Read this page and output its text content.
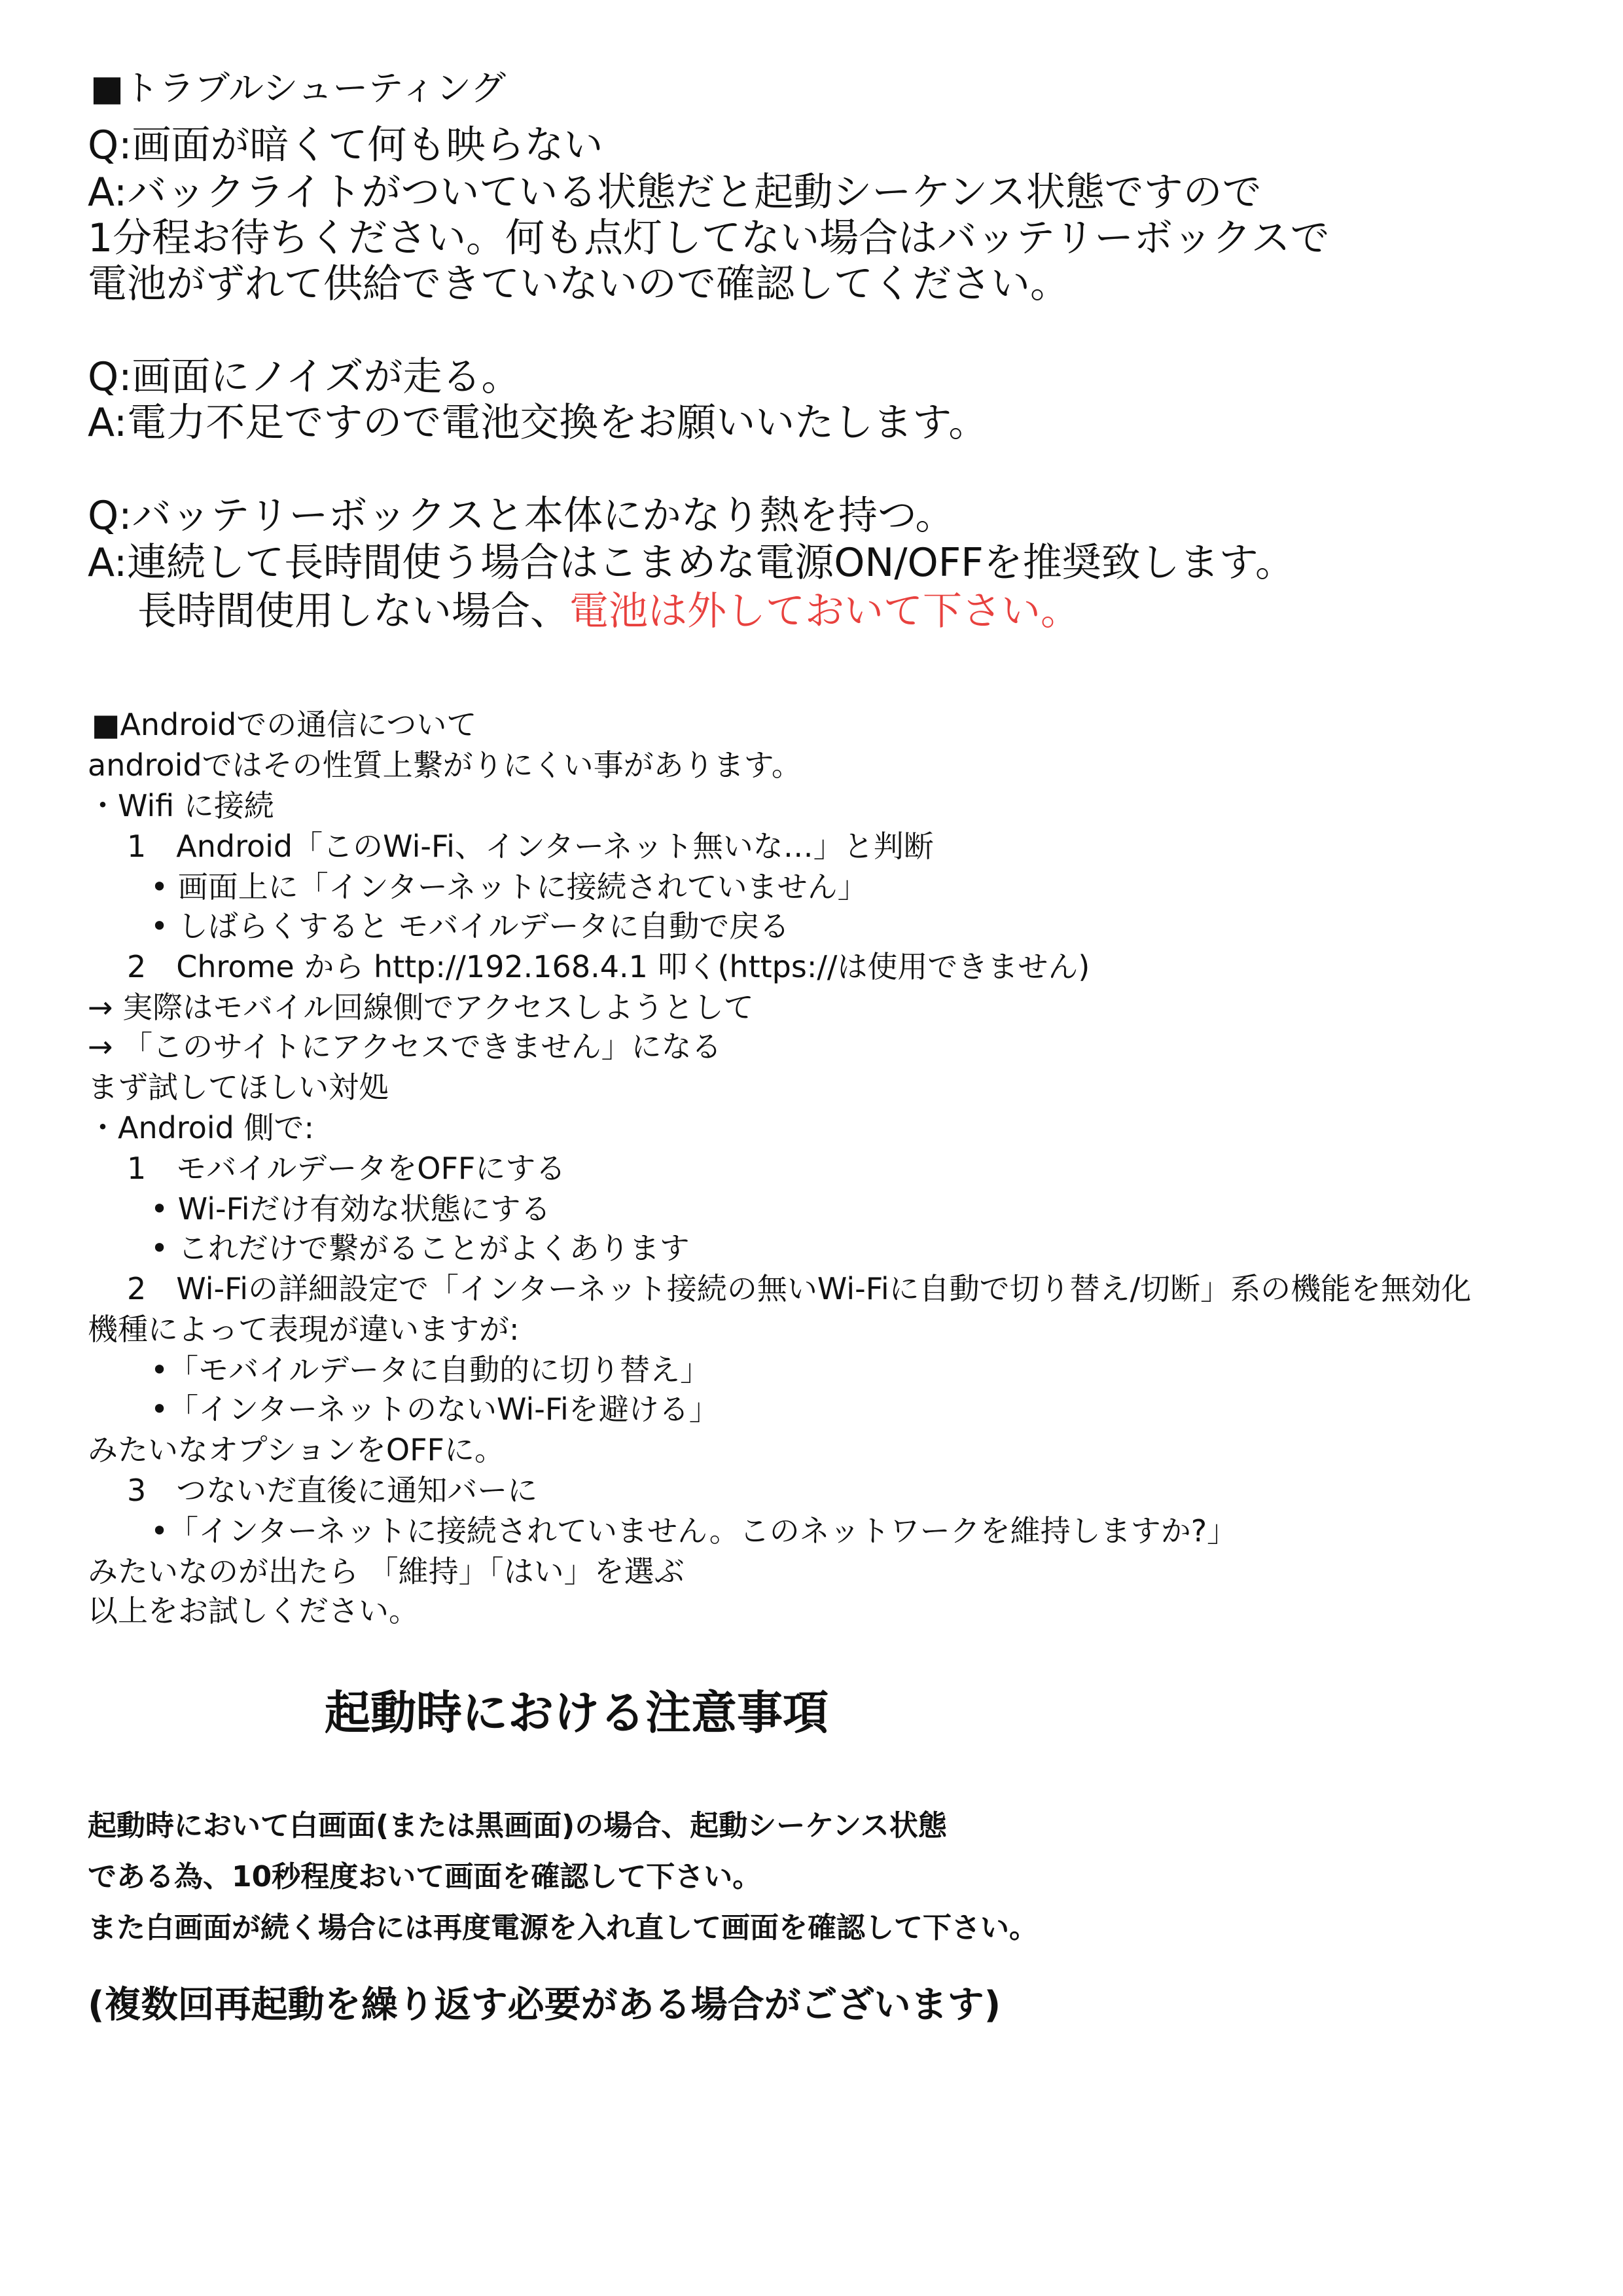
■トラブルシューティング
Q:画面が暗くて何も映らない
A:バックライトがついている状態だと起動シーケンス状態ですので
1分程お待ちください。何も点灯してない場合はバッテリーボックスで
電池がずれて供給できていないので確認してください。
Q:画面にノイズが走る。
A:電力不足ですので電池交換をお願いいたします。
Q:バッテリーボックスと本体にかなり熱を持つ。
A:連続して長時間使う場合はこまめな電源ON/OFFを推奨致します。
長時間使用しない場合、電池は外しておいて下さい。
■Androidでの通信について
androidではその性質上繋がりにくい事があります。
・Wifi に接続
1　Android「このWi-Fi、インターネット無いな…」と判断
• 画面上に「インターネットに接続されていません」
• しばらくすると モバイルデータに自動で戻る
2　Chrome から http://192.168.4.1 叩く(https://は使用できません)
→ 実際はモバイル回線側でアクセスしようとして
→ 「このサイトにアクセスできません」になる
まず試してほしい対処
・Android 側で:
1　モバイルデータをOFFにする
• Wi-Fiだけ有効な状態にする
• これだけで繋がることがよくあります
2　Wi-Fiの詳細設定で「インターネット接続の無いWi-Fiに自動で切り替え/切断」系の機能を無効化
機種によって表現が違いますが:
•「モバイルデータに自動的に切り替え」
•「インターネットのないWi-Fiを避ける」
みたいなオプションをOFFに。
3　つないだ直後に通知バーに
•「インターネットに接続されていません。このネットワークを維持しますか?」
みたいなのが出たら 「維持」「はい」を選ぶ
以上をお試しください。
起動時における注意事項
起動時において白画面(または黒画面)の場合、起動シーケンス状態
である為、10秒程度おいて画面を確認して下さい。
また白画面が続く場合には再度電源を入れ直して画面を確認して下さい。
(複数回再起動を繰り返す必要がある場合がございます)
